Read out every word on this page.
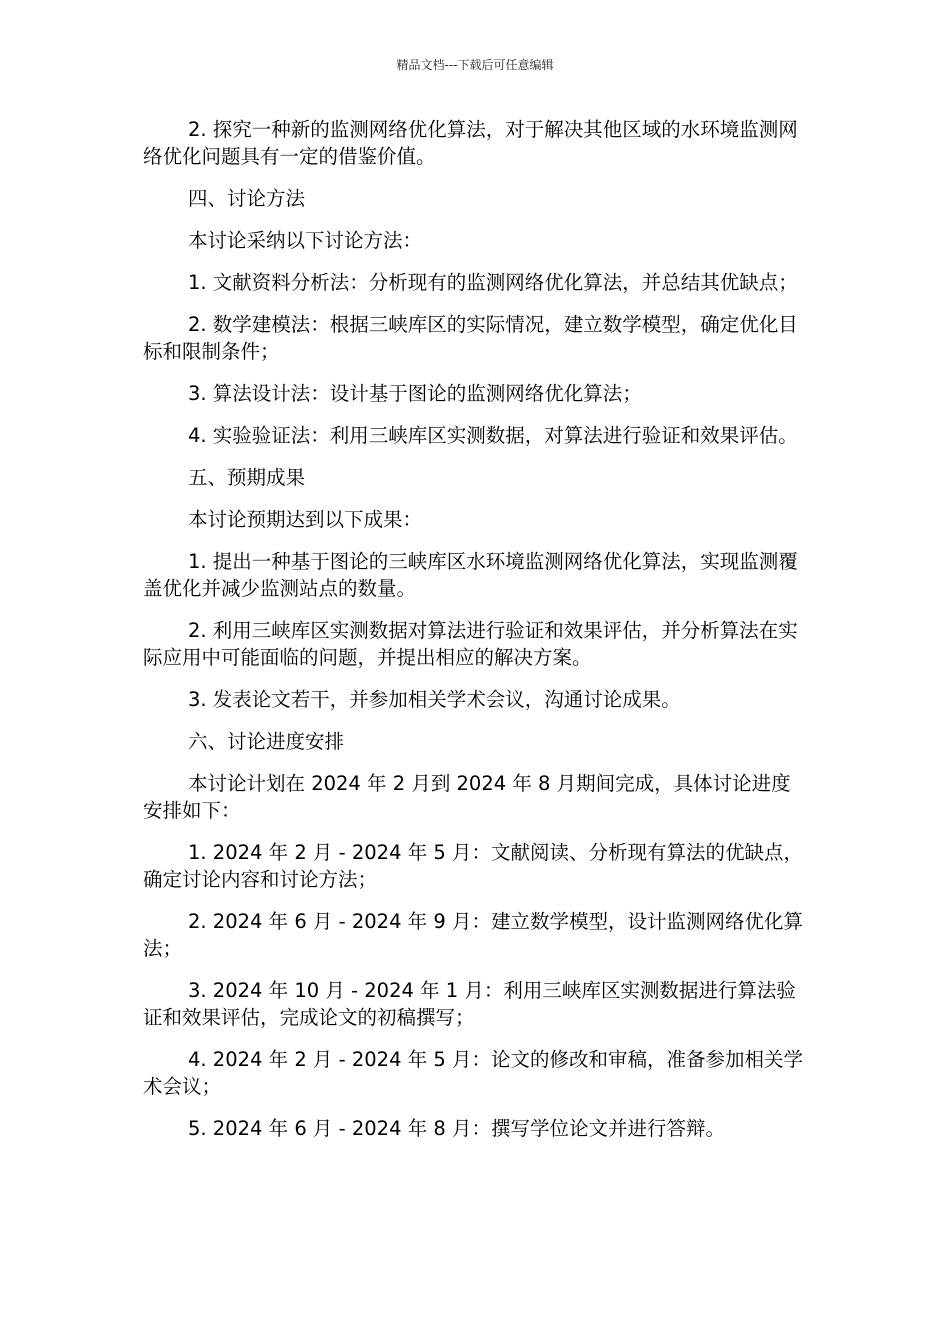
精品文档---下载后可任意编辑

2. 探究一种新的监测网络优化算法，对于解决其他区域的水环境监测网络优化问题具有一定的借鉴价值。

四、讨论方法

本讨论采纳以下讨论方法：

1. 文献资料分析法：分析现有的监测网络优化算法，并总结其优缺点；

2. 数学建模法：根据三峡库区的实际情况，建立数学模型，确定优化目标和限制条件；

3. 算法设计法：设计基于图论的监测网络优化算法；

4. 实验验证法：利用三峡库区实测数据，对算法进行验证和效果评估。

五、预期成果

本讨论预期达到以下成果：

1. 提出一种基于图论的三峡库区水环境监测网络优化算法，实现监测覆盖优化并减少监测站点的数量。

2. 利用三峡库区实测数据对算法进行验证和效果评估，并分析算法在实际应用中可能面临的问题，并提出相应的解决方案。

3. 发表论文若干，并参加相关学术会议，沟通讨论成果。

六、讨论进度安排

本讨论计划在 2024 年 2 月到 2024 年 8 月期间完成，具体讨论进度安排如下：

1. 2024 年 2 月 - 2024 年 5 月：文献阅读、分析现有算法的优缺点，确定讨论内容和讨论方法；

2. 2024 年 6 月 - 2024 年 9 月：建立数学模型，设计监测网络优化算法；

3. 2024 年 10 月 - 2024 年 1 月：利用三峡库区实测数据进行算法验证和效果评估，完成论文的初稿撰写；

4. 2024 年 2 月 - 2024 年 5 月：论文的修改和审稿，准备参加相关学术会议；

5. 2024 年 6 月 - 2024 年 8 月：撰写学位论文并进行答辩。
